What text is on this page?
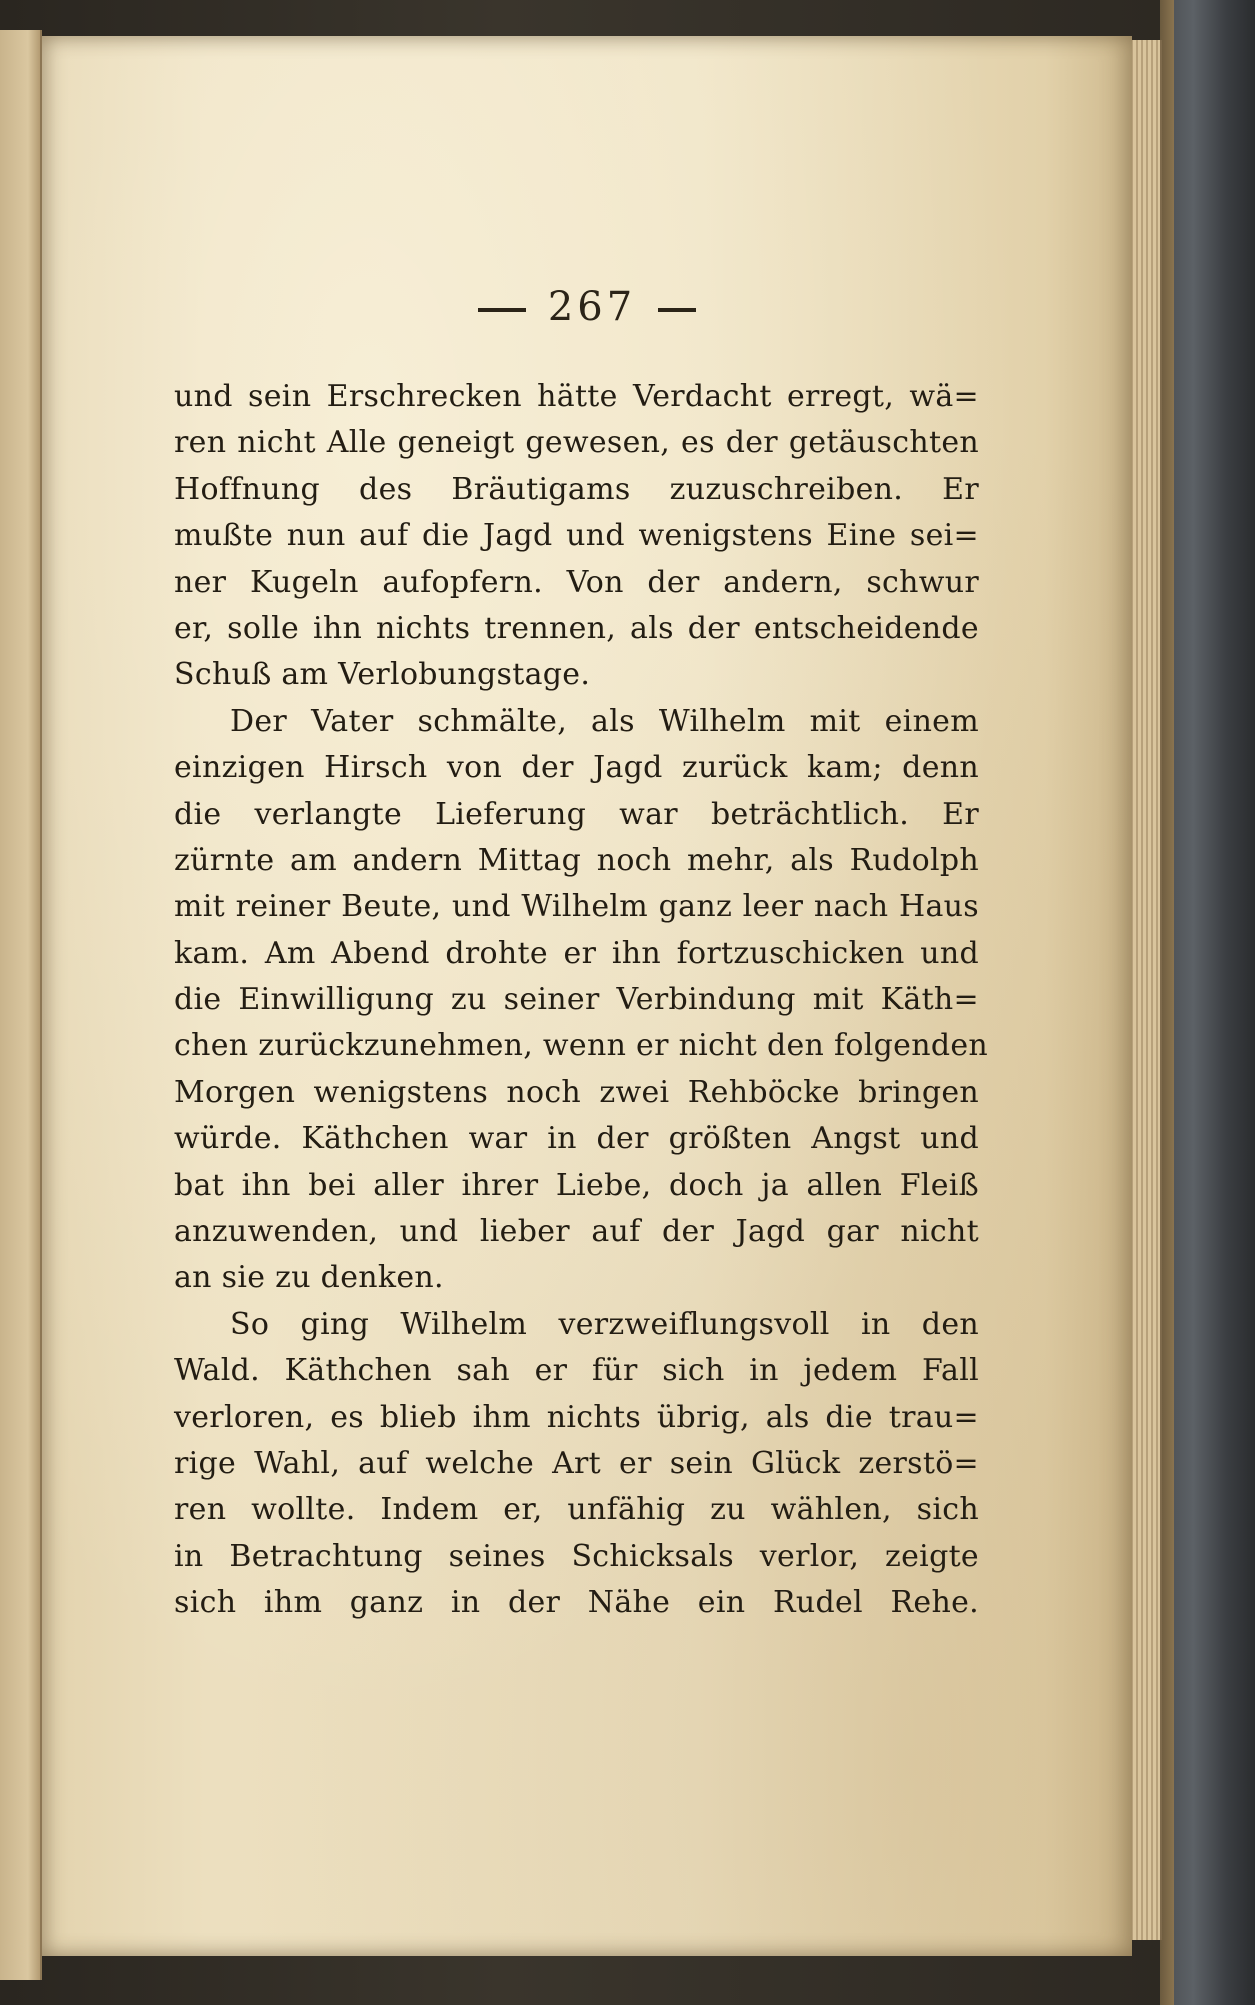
267
und sein Erschrecken hätte Verdacht erregt, wä=
ren nicht Alle geneigt gewesen, es der getäuschten
Hoffnung des Bräutigams zuzuschreiben. Er
mußte nun auf die Jagd und wenigstens Eine sei=
ner Kugeln aufopfern. Von der andern, schwur
er, solle ihn nichts trennen, als der entscheidende
Schuß am Verlobungstage.
Der Vater schmälte, als Wilhelm mit einem
einzigen Hirsch von der Jagd zurück kam; denn
die verlangte Lieferung war beträchtlich. Er
zürnte am andern Mittag noch mehr, als Rudolph
mit reiner Beute, und Wilhelm ganz leer nach Haus
kam. Am Abend drohte er ihn fortzuschicken und
die Einwilligung zu seiner Verbindung mit Käth=
chen zurückzunehmen, wenn er nicht den folgenden
Morgen wenigstens noch zwei Rehböcke bringen
würde. Käthchen war in der größten Angst und
bat ihn bei aller ihrer Liebe, doch ja allen Fleiß
anzuwenden, und lieber auf der Jagd gar nicht
an sie zu denken.
So ging Wilhelm verzweiflungsvoll in den
Wald. Käthchen sah er für sich in jedem Fall
verloren, es blieb ihm nichts übrig, als die trau=
rige Wahl, auf welche Art er sein Glück zerstö=
ren wollte. Indem er, unfähig zu wählen, sich
in Betrachtung seines Schicksals verlor, zeigte
sich ihm ganz in der Nähe ein Rudel Rehe.
